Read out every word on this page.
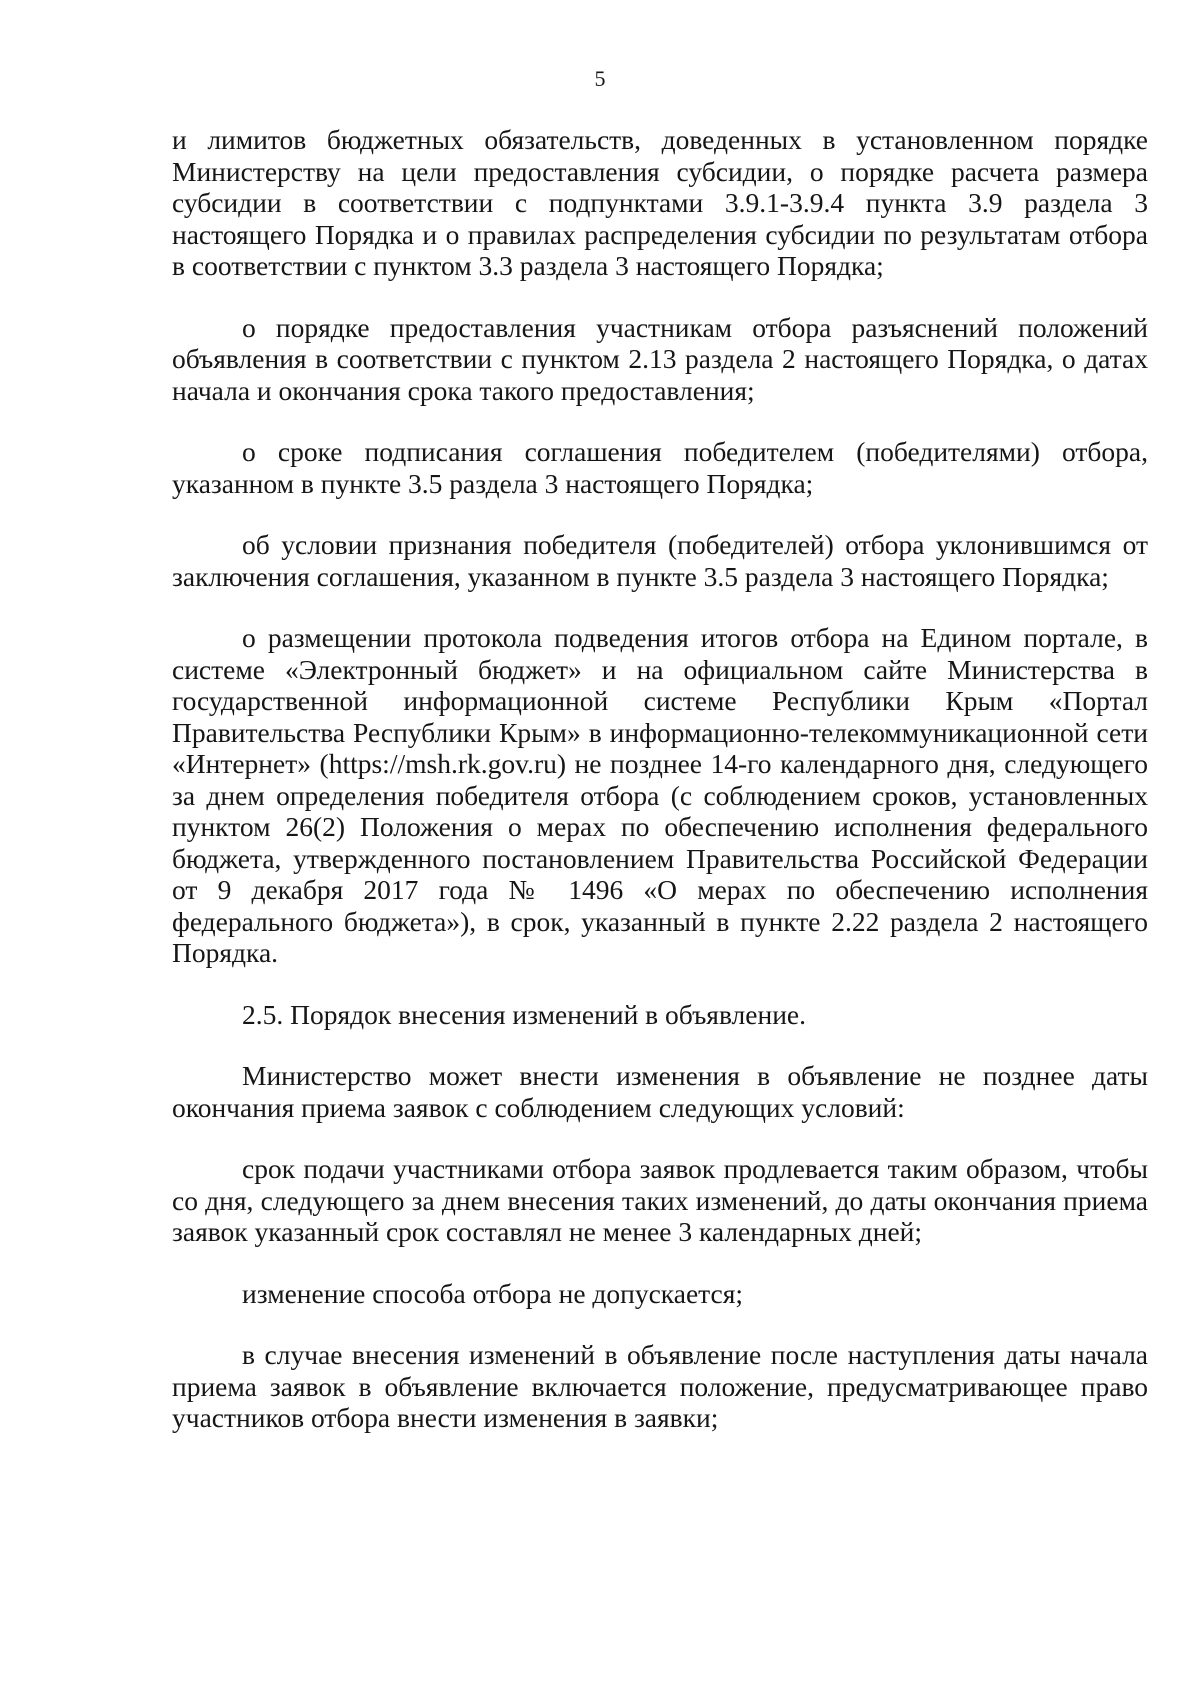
5

и лимитов бюджетных обязательств, доведенных в установленном порядке Министерству на цели предоставления субсидии, о порядке расчета размера субсидии в соответствии с подпунктами 3.9.1-3.9.4 пункта 3.9 раздела 3 настоящего Порядка и о правилах распределения субсидии по результатам отбора в соответствии с пунктом 3.3 раздела 3 настоящего Порядка;

о порядке предоставления участникам отбора разъяснений положений объявления в соответствии с пунктом 2.13 раздела 2 настоящего Порядка, о датах начала и окончания срока такого предоставления;

о сроке подписания соглашения победителем (победителями) отбора, указанном в пункте 3.5 раздела 3 настоящего Порядка;

об условии признания победителя (победителей) отбора уклонившимся от заключения соглашения, указанном в пункте 3.5 раздела 3 настоящего Порядка;

о размещении протокола подведения итогов отбора на Едином портале, в системе «Электронный бюджет» и на официальном сайте Министерства в государственной информационной системе Республики Крым «Портал Правительства Республики Крым» в информационно-телекоммуникационной сети «Интернет» (https://msh.rk.gov.ru) не позднее 14-го календарного дня, следующего за днем определения победителя отбора (с соблюдением сроков, установленных пунктом 26(2) Положения о мерах по обеспечению исполнения федерального бюджета, утвержденного постановлением Правительства Российской Федерации от 9 декабря 2017 года № 1496 «О мерах по обеспечению исполнения федерального бюджета»), в срок, указанный в пункте 2.22 раздела 2 настоящего Порядка.

2.5. Порядок внесения изменений в объявление.

Министерство может внести изменения в объявление не позднее даты окончания приема заявок с соблюдением следующих условий:

срок подачи участниками отбора заявок продлевается таким образом, чтобы со дня, следующего за днем внесения таких изменений, до даты окончания приема заявок указанный срок составлял не менее 3 календарных дней;

изменение способа отбора не допускается;

в случае внесения изменений в объявление после наступления даты начала приема заявок в объявление включается положение, предусматривающее право участников отбора внести изменения в заявки;
